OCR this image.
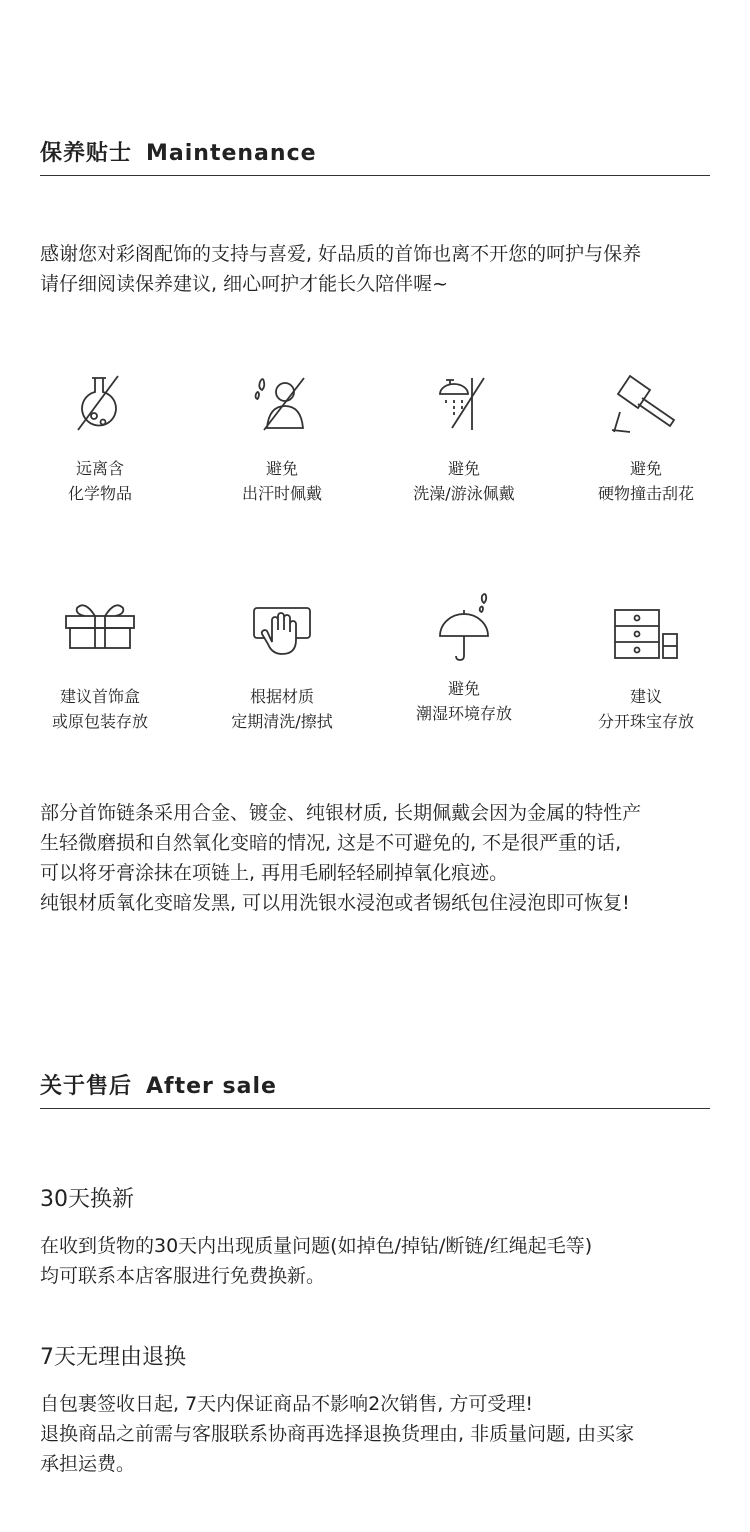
保养贴士 Maintenance
感谢您对彩阁配饰的支持与喜爱, 好品质的首饰也离不开您的呵护与保养
请仔细阅读保养建议, 细心呵护才能长久陪伴喔~
远离含
化学物品
避免
出汗时佩戴
避免
洗澡/游泳佩戴
避免
硬物撞击刮花
建议首饰盒
或原包装存放
根据材质
定期清洗/擦拭
避免
潮湿环境存放
建议
分开珠宝存放
部分首饰链条采用合金、镀金、纯银材质, 长期佩戴会因为金属的特性产
生轻微磨损和自然氧化变暗的情况, 这是不可避免的, 不是很严重的话,
可以将牙膏涂抹在项链上, 再用毛刷轻轻刷掉氧化痕迹。
纯银材质氧化变暗发黑, 可以用洗银水浸泡或者锡纸包住浸泡即可恢复!
关于售后 After sale
30天换新
在收到货物的30天内出现质量问题(如掉色/掉钻/断链/红绳起毛等)
均可联系本店客服进行免费换新。
7天无理由退换
自包裹签收日起, 7天内保证商品不影响2次销售, 方可受理!
退换商品之前需与客服联系协商再选择退换货理由, 非质量问题, 由买家
承担运费。
